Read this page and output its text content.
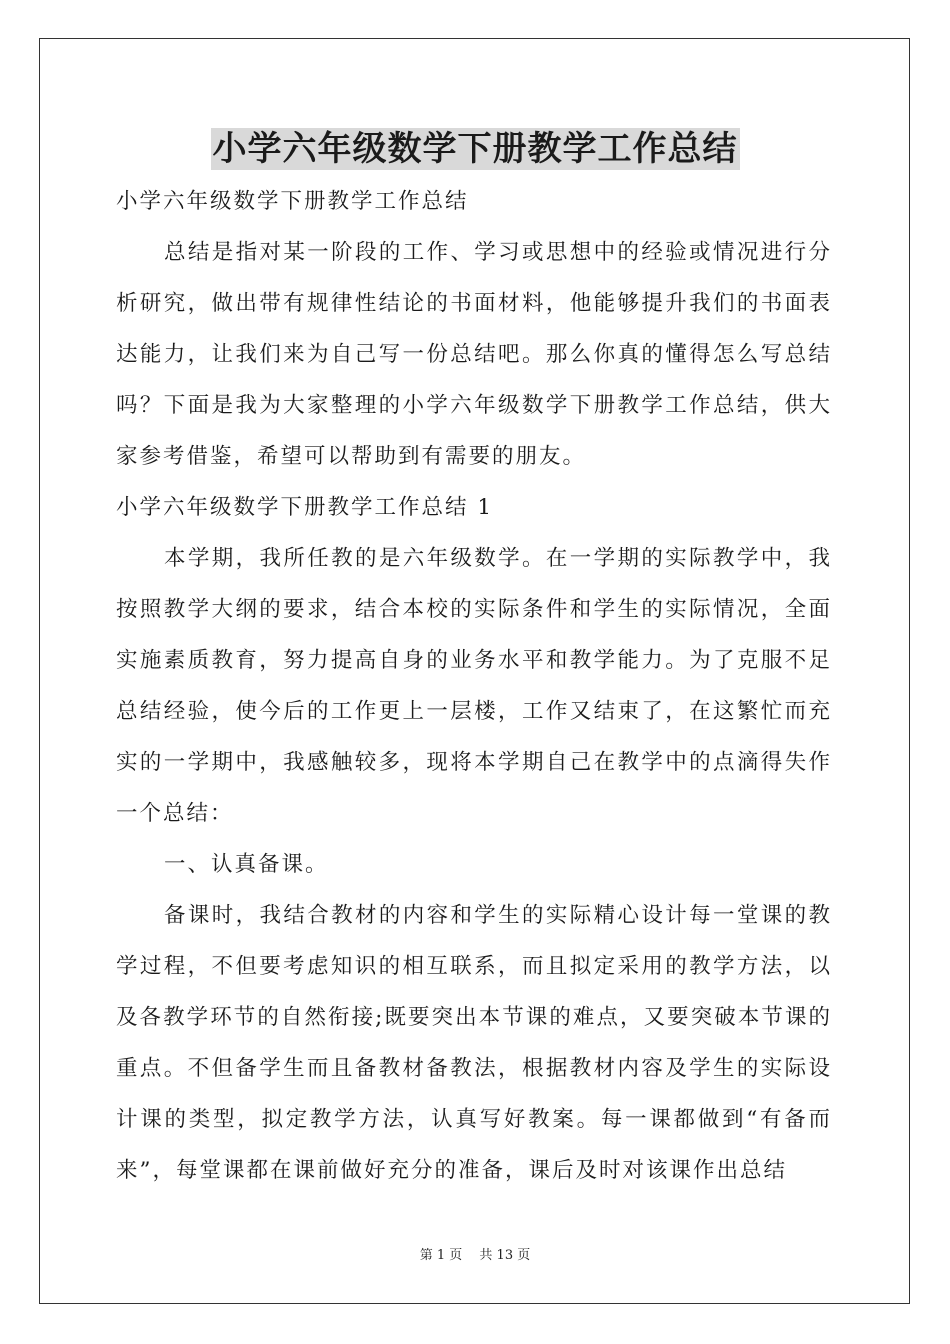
小学六年级数学下册教学工作总结

小学六年级数学下册教学工作总结

总结是指对某一阶段的工作、学习或思想中的经验或情况进行分析研究，做出带有规律性结论的书面材料，他能够提升我们的书面表达能力，让我们来为自己写一份总结吧。那么你真的懂得怎么写总结吗？下面是我为大家整理的小学六年级数学下册教学工作总结，供大家参考借鉴，希望可以帮助到有需要的朋友。

小学六年级数学下册教学工作总结 1

本学期，我所任教的是六年级数学。在一学期的实际教学中，我按照教学大纲的要求，结合本校的实际条件和学生的实际情况，全面实施素质教育，努力提高自身的业务水平和教学能力。为了克服不足总结经验，使今后的工作更上一层楼，工作又结束了，在这繁忙而充实的一学期中，我感触较多，现将本学期自己在教学中的点滴得失作一个总结：

一、认真备课。

备课时，我结合教材的内容和学生的实际精心设计每一堂课的教学过程，不但要考虑知识的相互联系，而且拟定采用的教学方法，以及各教学环节的自然衔接;既要突出本节课的难点，又要突破本节课的重点。不但备学生而且备教材备教法，根据教材内容及学生的实际设计课的类型，拟定教学方法，认真写好教案。每一课都做到“有备而来”，每堂课都在课前做好充分的准备，课后及时对该课作出总结

第 1 页　 共 13 页
